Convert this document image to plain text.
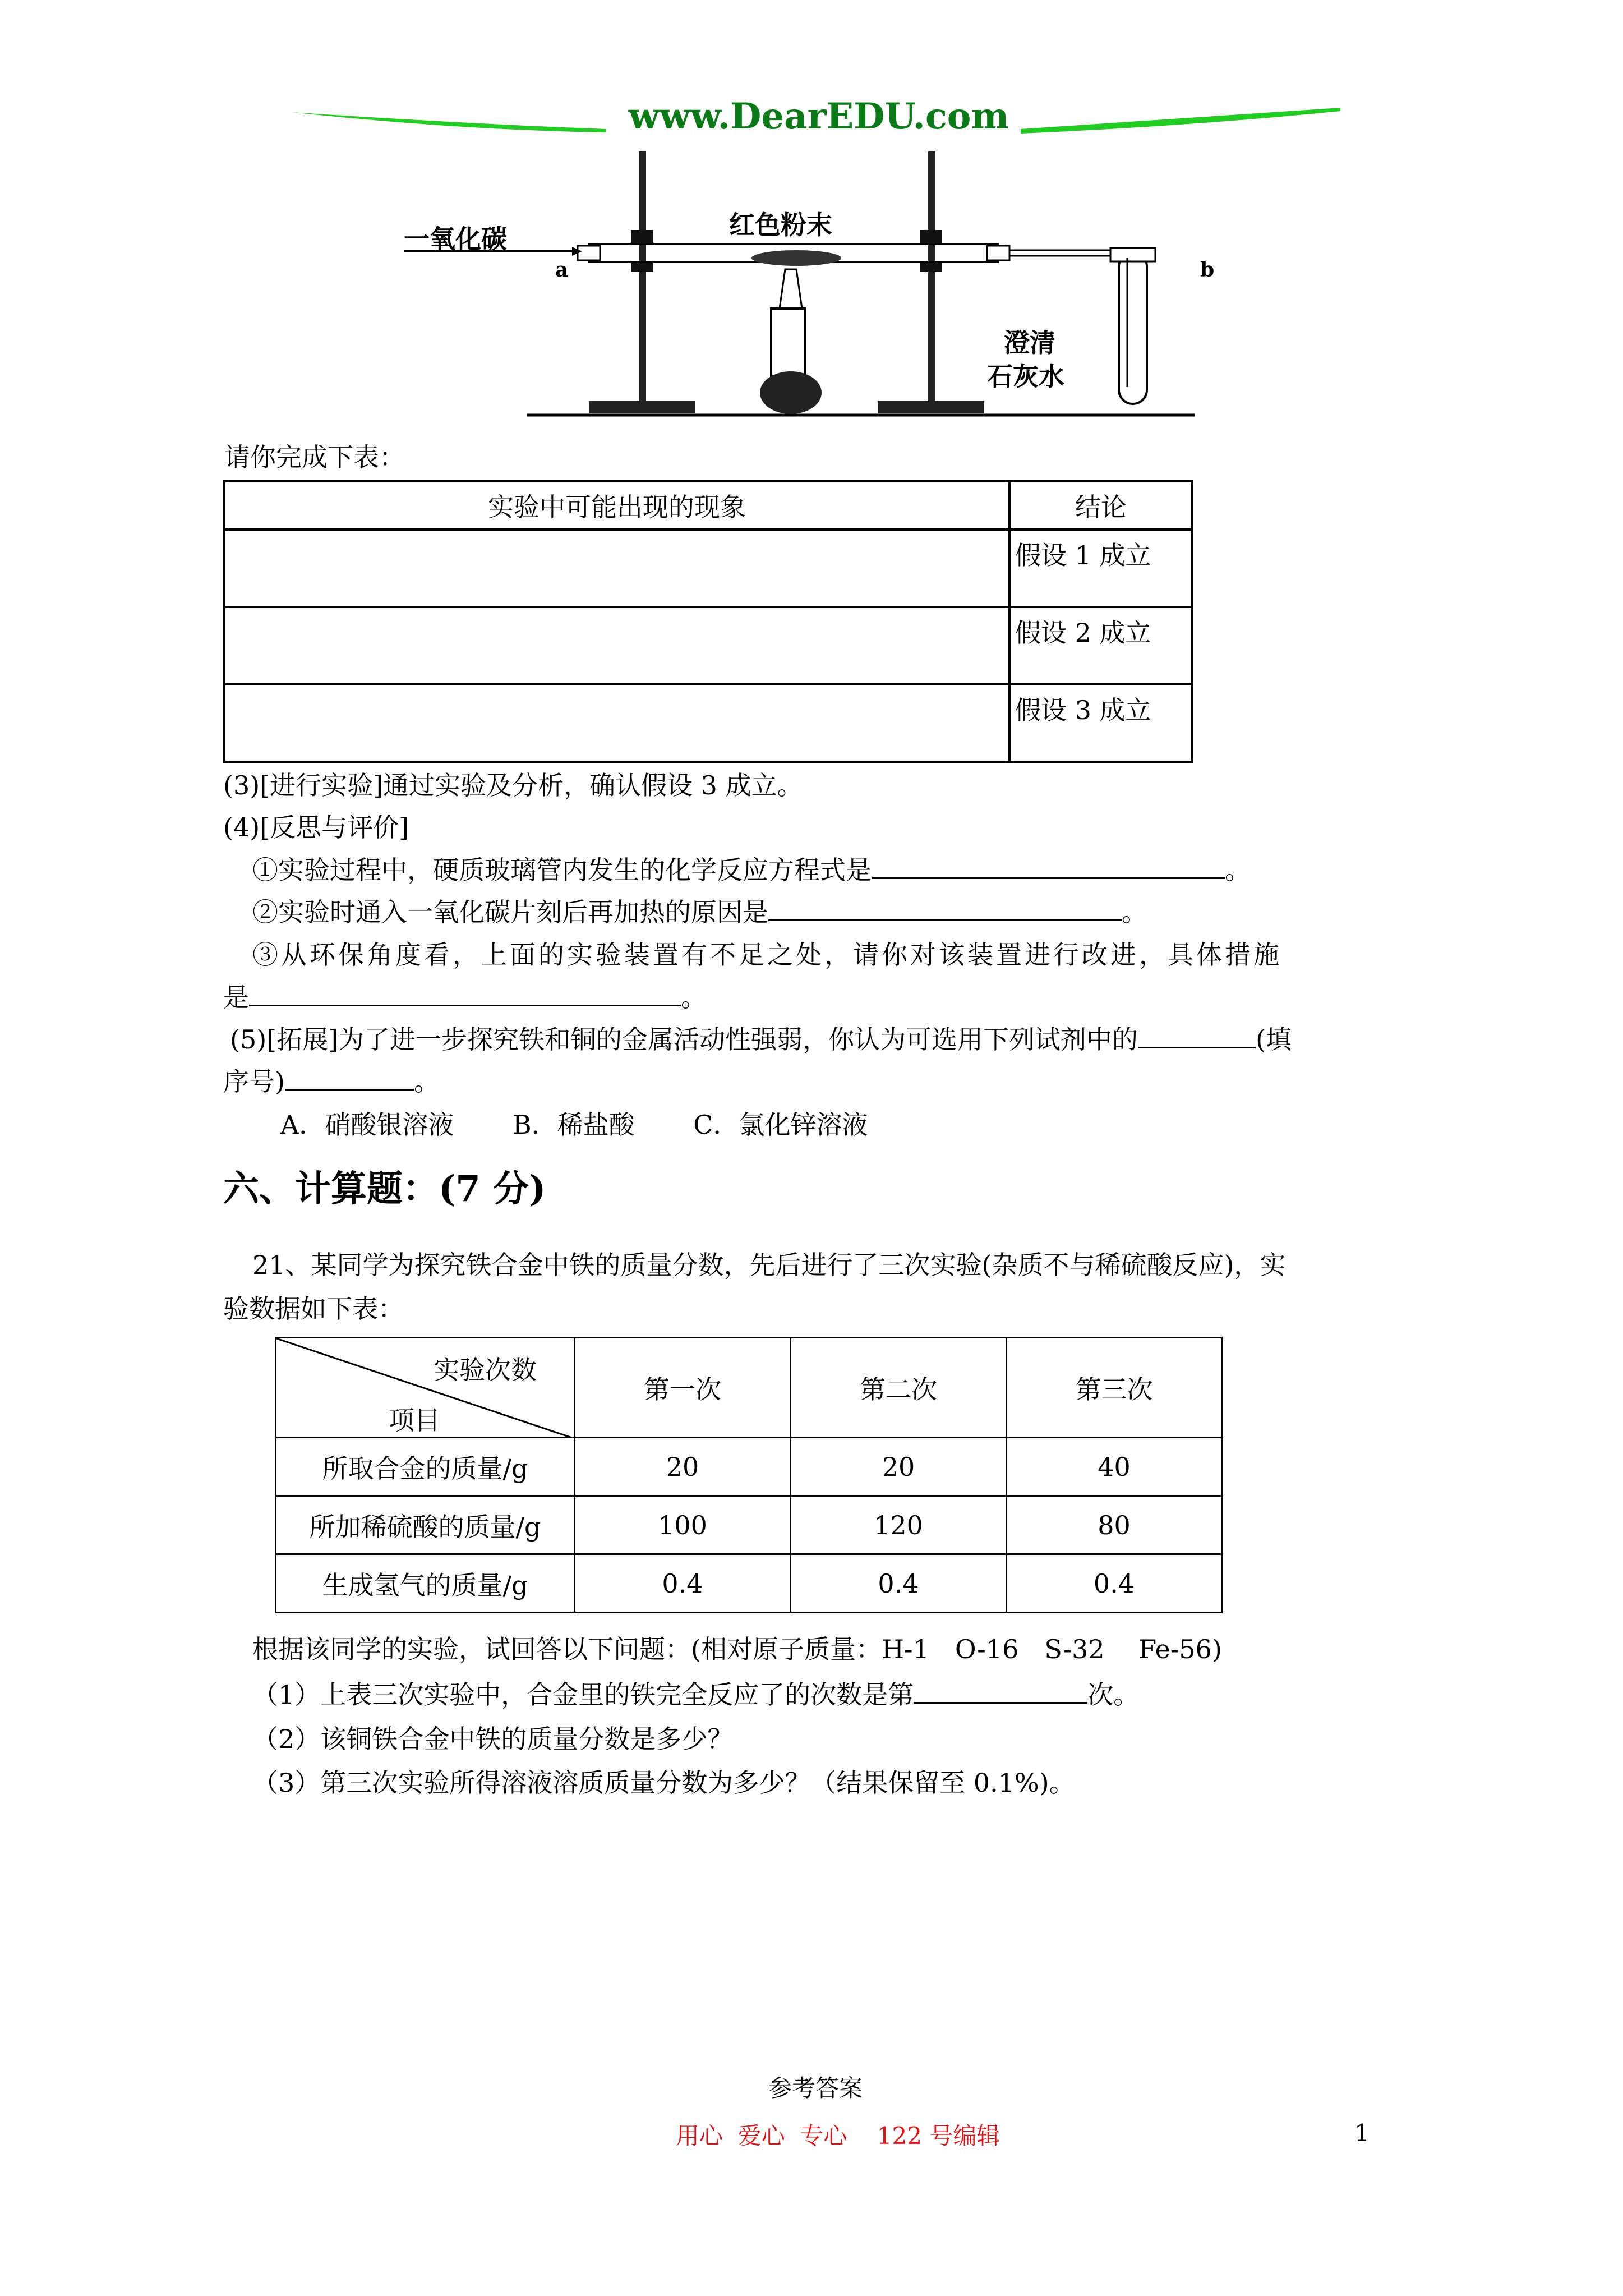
www.DearEDU.com
一氧化碳
a
红色粉末
b
澄清
石灰水
请你完成下表：
实验中可能出现的现象	结论
	假设 1 成立
	假设 2 成立
	假设 3 成立
(3)[进行实验]通过实验及分析，确认假设 3 成立。
(4)[反思与评价]
①实验过程中，硬质玻璃管内发生的化学反应方程式是	。
②实验时通入一氧化碳片刻后再加热的原因是	。
③从环保角度看，上面的实验装置有不足之处，请你对该装置进行改进，具体措施
是	。
(5)[拓展]为了进一步探究铁和铜的金属活动性强弱，你认为可选用下列试剂中的	(填
序号)	。
A．硝酸银溶液 B．稀盐酸 C．氯化锌溶液
六、计算题：(7 分)
21、某同学为探究铁合金中铁的质量分数，先后进行了三次实验(杂质不与稀硫酸反应)，实
验数据如下表：
实验次数
项目	第一次	第二次	第三次
所取合金的质量/g	20	20	40
所加稀硫酸的质量/g	100	120	80
生成氢气的质量/g	0.4	0.4	0.4
根据该同学的实验，试回答以下问题：(相对原子质量：H-1　O-16　S-32　 Fe-56)
（1）上表三次实验中，合金里的铁完全反应了的次数是第	次。
（2）该铜铁合金中铁的质量分数是多少？
（3）第三次实验所得溶液溶质质量分数为多少？（结果保留至 0.1%)。
参考答案
用心  爱心  专心    122 号编辑	1
